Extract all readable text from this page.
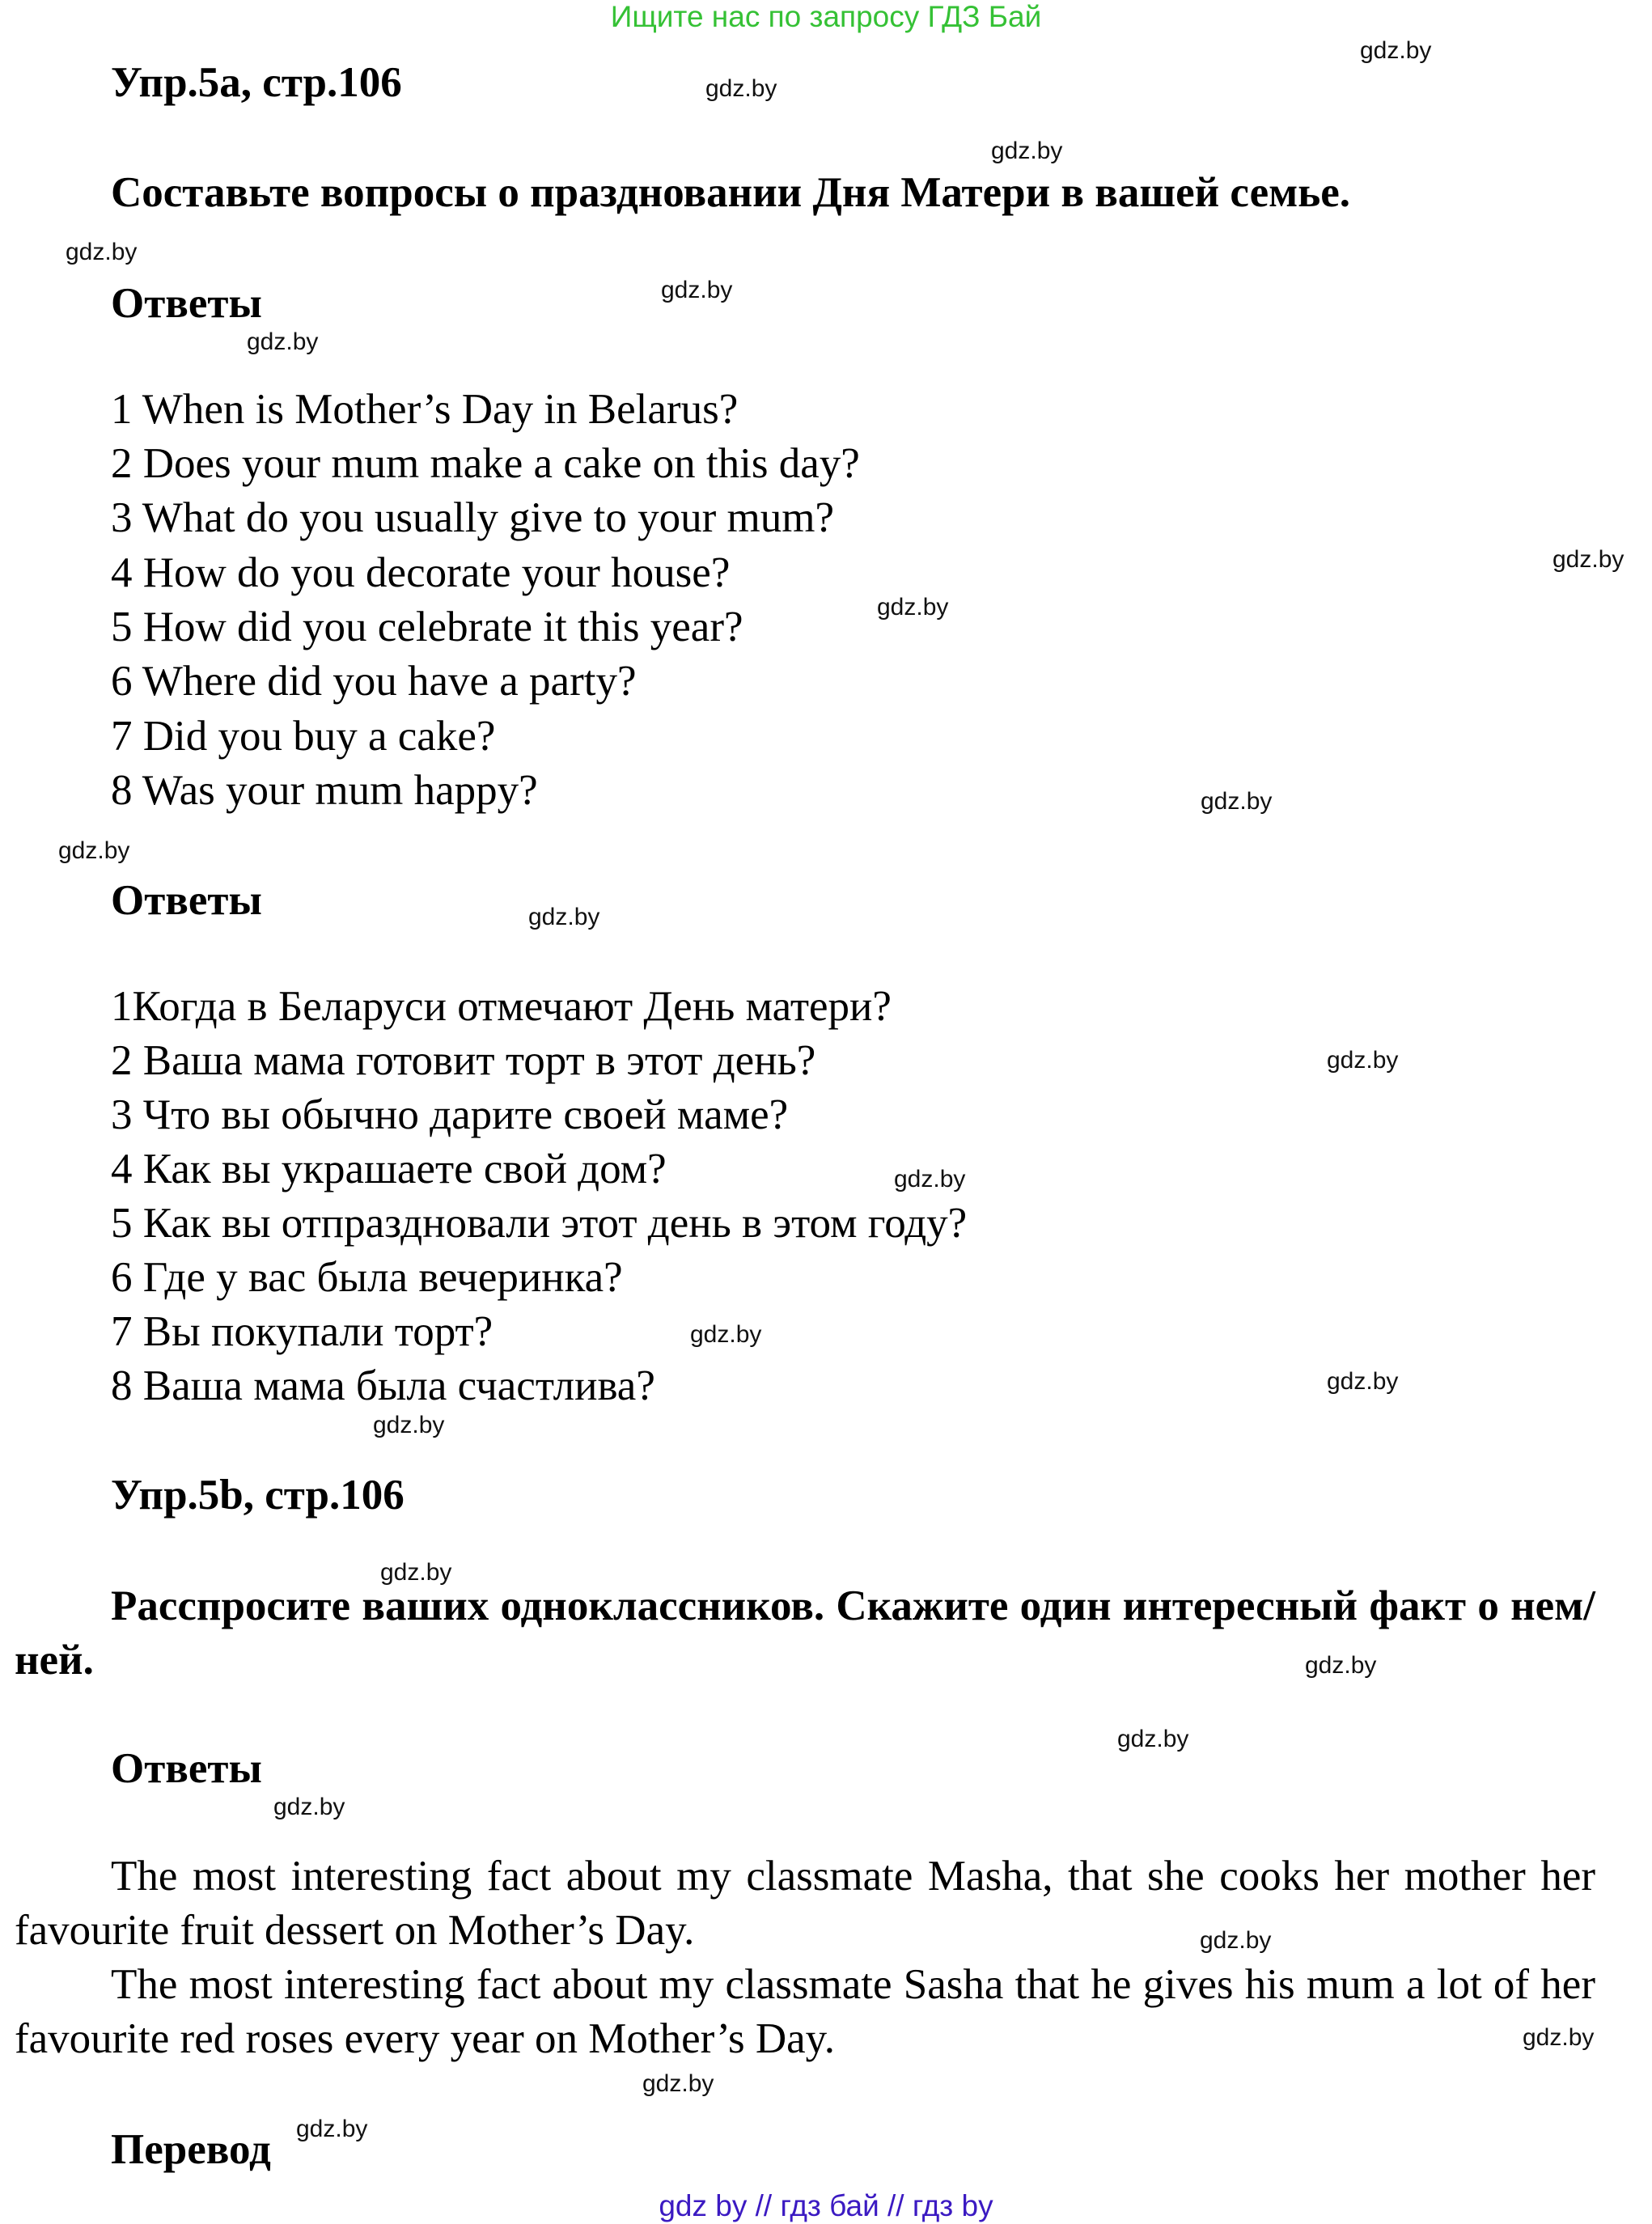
Ищите нас по запросу ГДЗ Бай
Упр.5a, стр.106
Составьте вопросы о праздновании Дня Матери в вашей семье.
Ответы
1 When is Mother’s Day in Belarus?
2 Does your mum make a cake on this day?
3 What do you usually give to your mum?
4 How do you decorate your house?
5 How did you celebrate it this year?
6 Where did you have a party?
7 Did you buy a cake?
8 Was your mum happy?
Ответы
1Когда в Беларуси отмечают День матери?
2 Ваша мама готовит торт в этот день?
3 Что вы обычно дарите своей маме?
4 Как вы украшаете свой дом?
5 Как вы отпраздновали этот день в этом году?
6 Где у вас была вечеринка?
7 Вы покупали торт?
8 Ваша мама была счастлива?
Упр.5b, стр.106
Расспросите ваших одноклассников. Скажите один интересный факт о нем/ней.
Ответы
The most interesting fact about my classmate Masha, that she cooks her mother her favourite fruit dessert on Mother’s Day.
The most interesting fact about my classmate Sasha that he gives his mum a lot of her favourite red roses every year on Mother’s Day.
Перевод
gdz.by
gdz.by
gdz.by
gdz.by
gdz.by
gdz.by
gdz.by
gdz.by
gdz.by
gdz.by
gdz.by
gdz.by
gdz.by
gdz.by
gdz.by
gdz.by
gdz.by
gdz.by
gdz.by
gdz.by
gdz.by
gdz.by
gdz.by
gdz.by
gdz by // гдз бай // гдз by
